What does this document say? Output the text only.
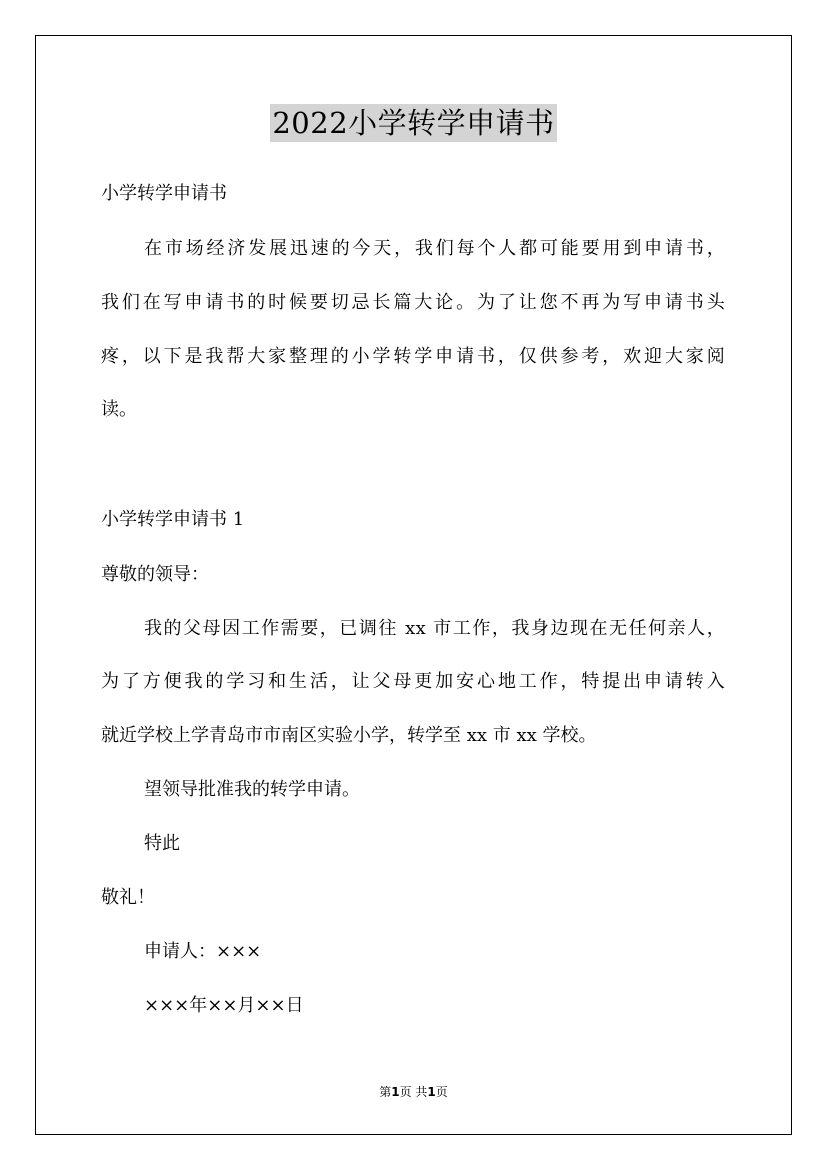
2022小学转学申请书
小学转学申请书
在市场经济发展迅速的今天，我们每个人都可能要用到申请书，
我们在写申请书的时候要切忌长篇大论。为了让您不再为写申请书头
疼，以下是我帮大家整理的小学转学申请书，仅供参考，欢迎大家阅
读。
小学转学申请书 1
尊敬的领导：
我的父母因工作需要，已调往 xx 市工作，我身边现在无任何亲人，
为了方便我的学习和生活，让父母更加安心地工作，特提出申请转入
就近学校上学青岛市市南区实验小学，转学至 xx 市 xx 学校。
望领导批准我的转学申请。
特此
敬礼！
申请人：×××
×××年××月××日
第1页 共1页
